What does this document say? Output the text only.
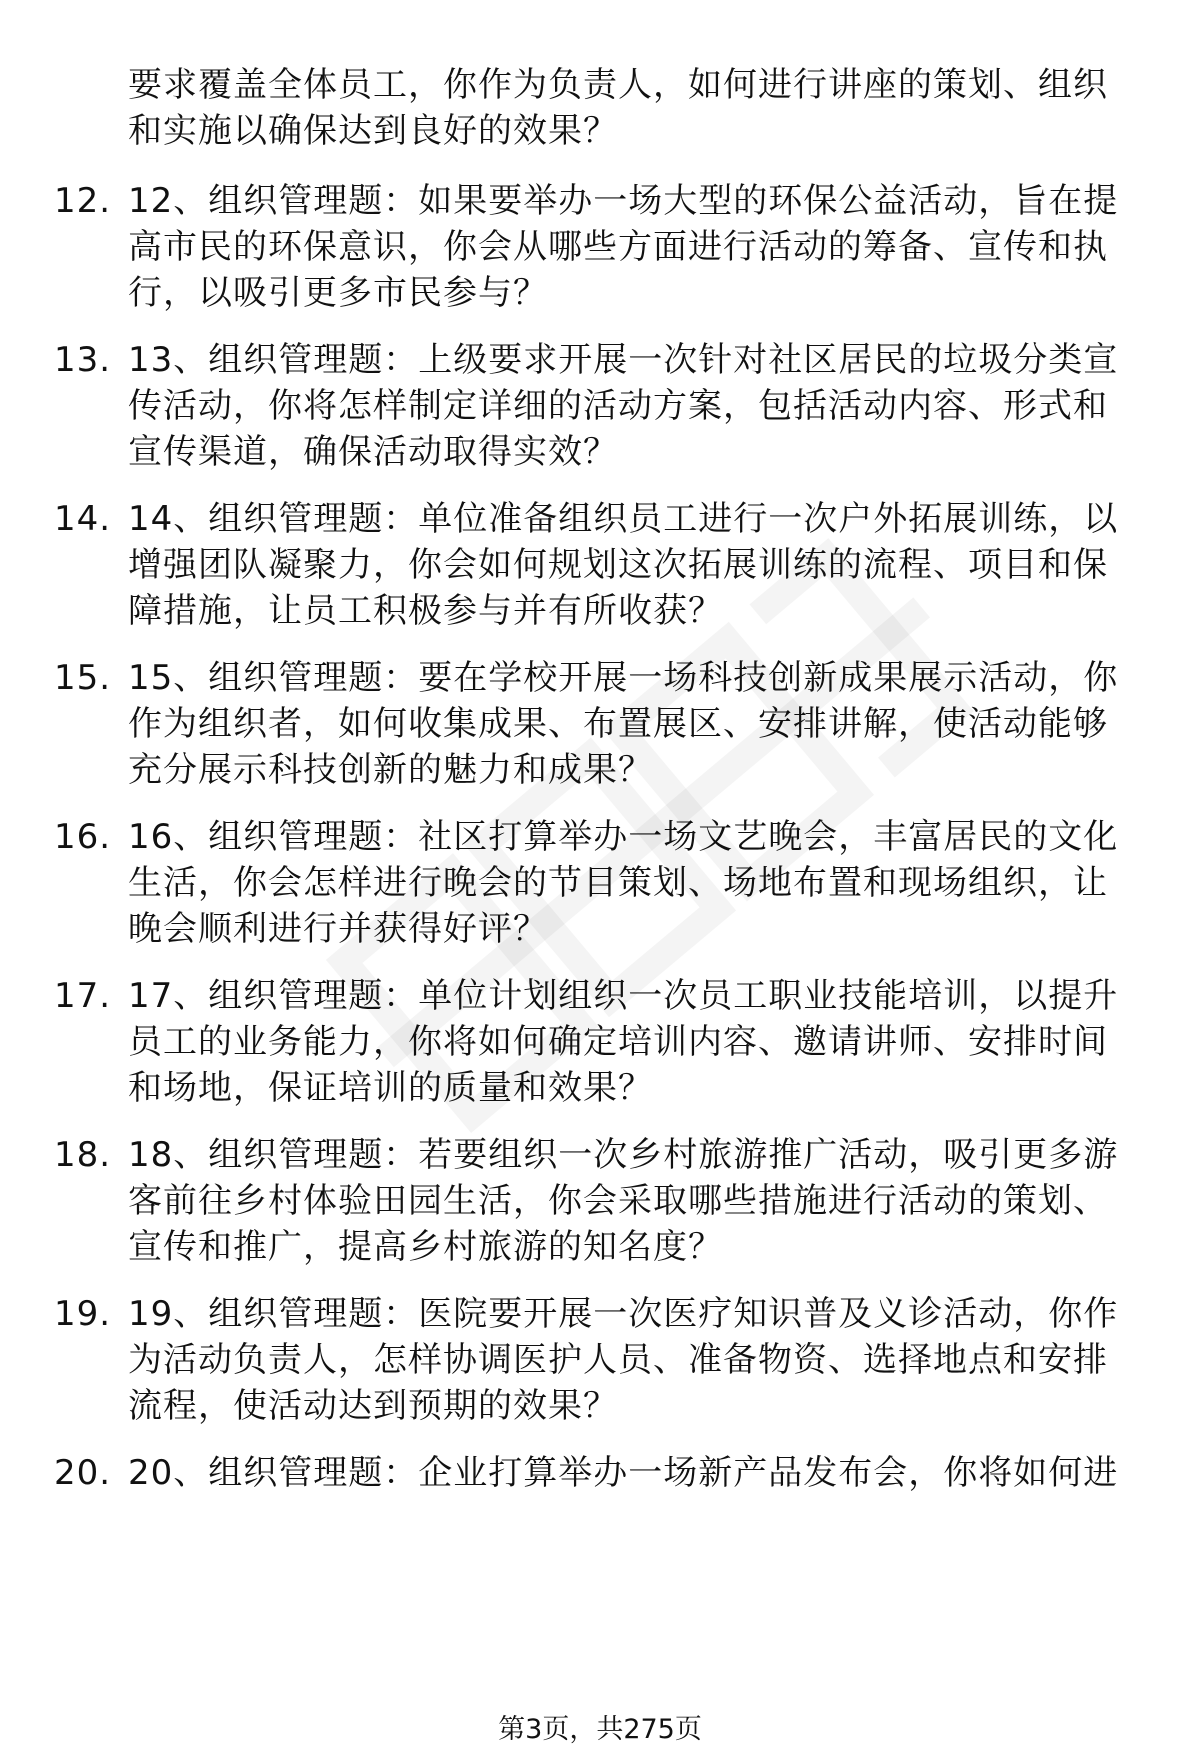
要求覆盖全体员工，你作为负责人，如何进行讲座的策划、组织
和实施以确保达到良好的效果？
12. 12、组织管理题：如果要举办一场大型的环保公益活动，旨在提
高市民的环保意识，你会从哪些方面进行活动的筹备、宣传和执
行，以吸引更多市民参与？
13. 13、组织管理题：上级要求开展一次针对社区居民的垃圾分类宣
传活动，你将怎样制定详细的活动方案，包括活动内容、形式和
宣传渠道，确保活动取得实效？
14. 14、组织管理题：单位准备组织员工进行一次户外拓展训练，以
增强团队凝聚力，你会如何规划这次拓展训练的流程、项目和保
障措施，让员工积极参与并有所收获？
15. 15、组织管理题：要在学校开展一场科技创新成果展示活动，你
作为组织者，如何收集成果、布置展区、安排讲解，使活动能够
充分展示科技创新的魅力和成果？
16. 16、组织管理题：社区打算举办一场文艺晚会，丰富居民的文化
生活，你会怎样进行晚会的节目策划、场地布置和现场组织，让
晚会顺利进行并获得好评？
17. 17、组织管理题：单位计划组织一次员工职业技能培训，以提升
员工的业务能力，你将如何确定培训内容、邀请讲师、安排时间
和场地，保证培训的质量和效果？
18. 18、组织管理题：若要组织一次乡村旅游推广活动，吸引更多游
客前往乡村体验田园生活，你会采取哪些措施进行活动的策划、
宣传和推广，提高乡村旅游的知名度？
19. 19、组织管理题：医院要开展一次医疗知识普及义诊活动，你作
为活动负责人，怎样协调医护人员、准备物资、选择地点和安排
流程，使活动达到预期的效果？
20. 20、组织管理题：企业打算举办一场新产品发布会，你将如何进
第3页，共275页
